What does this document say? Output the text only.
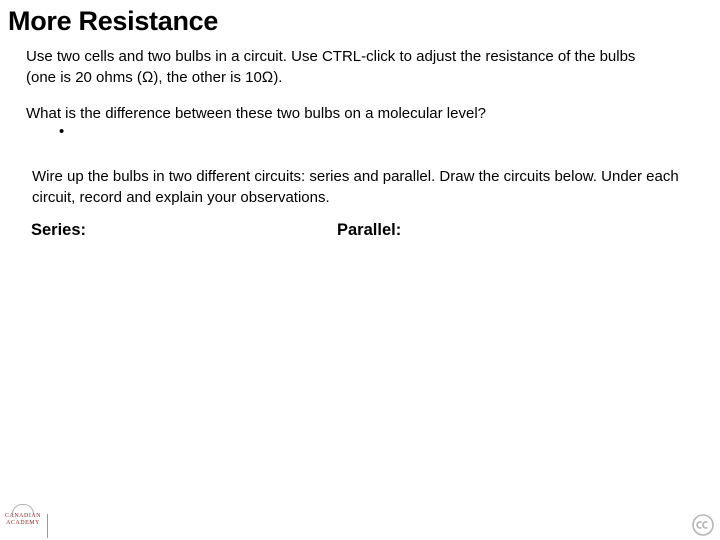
More Resistance
Use two cells and two bulbs in a circuit. Use CTRL-click to adjust the resistance of the bulbs (one is 20 ohms (Ω), the other is 10Ω).
What is the difference between these two bulbs on a molecular level?
•
Wire up the bulbs in two different circuits: series and parallel. Draw the circuits below. Under each circuit, record and explain your observations.
Series:	Parallel:
CANADIAN
ACADEMY
